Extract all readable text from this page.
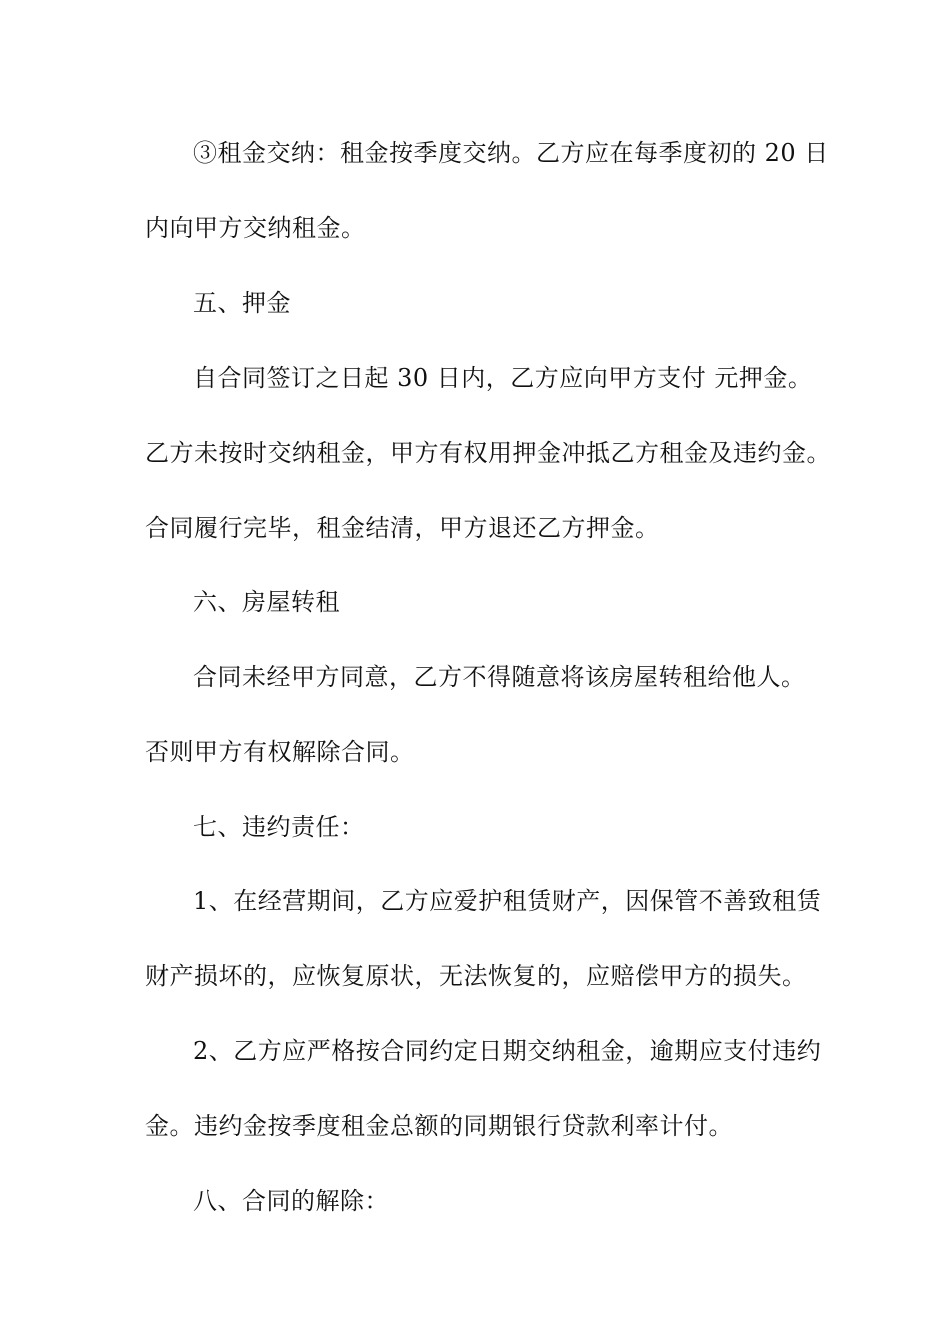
③租金交纳：租金按季度交纳。乙方应在每季度初的 20 日
内向甲方交纳租金。
五、押金
自合同签订之日起 30 日内，乙方应向甲方支付 元押金。
乙方未按时交纳租金，甲方有权用押金冲抵乙方租金及违约金。
合同履行完毕，租金结清，甲方退还乙方押金。
六、房屋转租
合同未经甲方同意，乙方不得随意将该房屋转租给他人。
否则甲方有权解除合同。
七、违约责任：
1、在经营期间，乙方应爱护租赁财产，因保管不善致租赁
财产损坏的，应恢复原状，无法恢复的，应赔偿甲方的损失。
2、乙方应严格按合同约定日期交纳租金，逾期应支付违约
金。违约金按季度租金总额的同期银行贷款利率计付。
八、合同的解除：
